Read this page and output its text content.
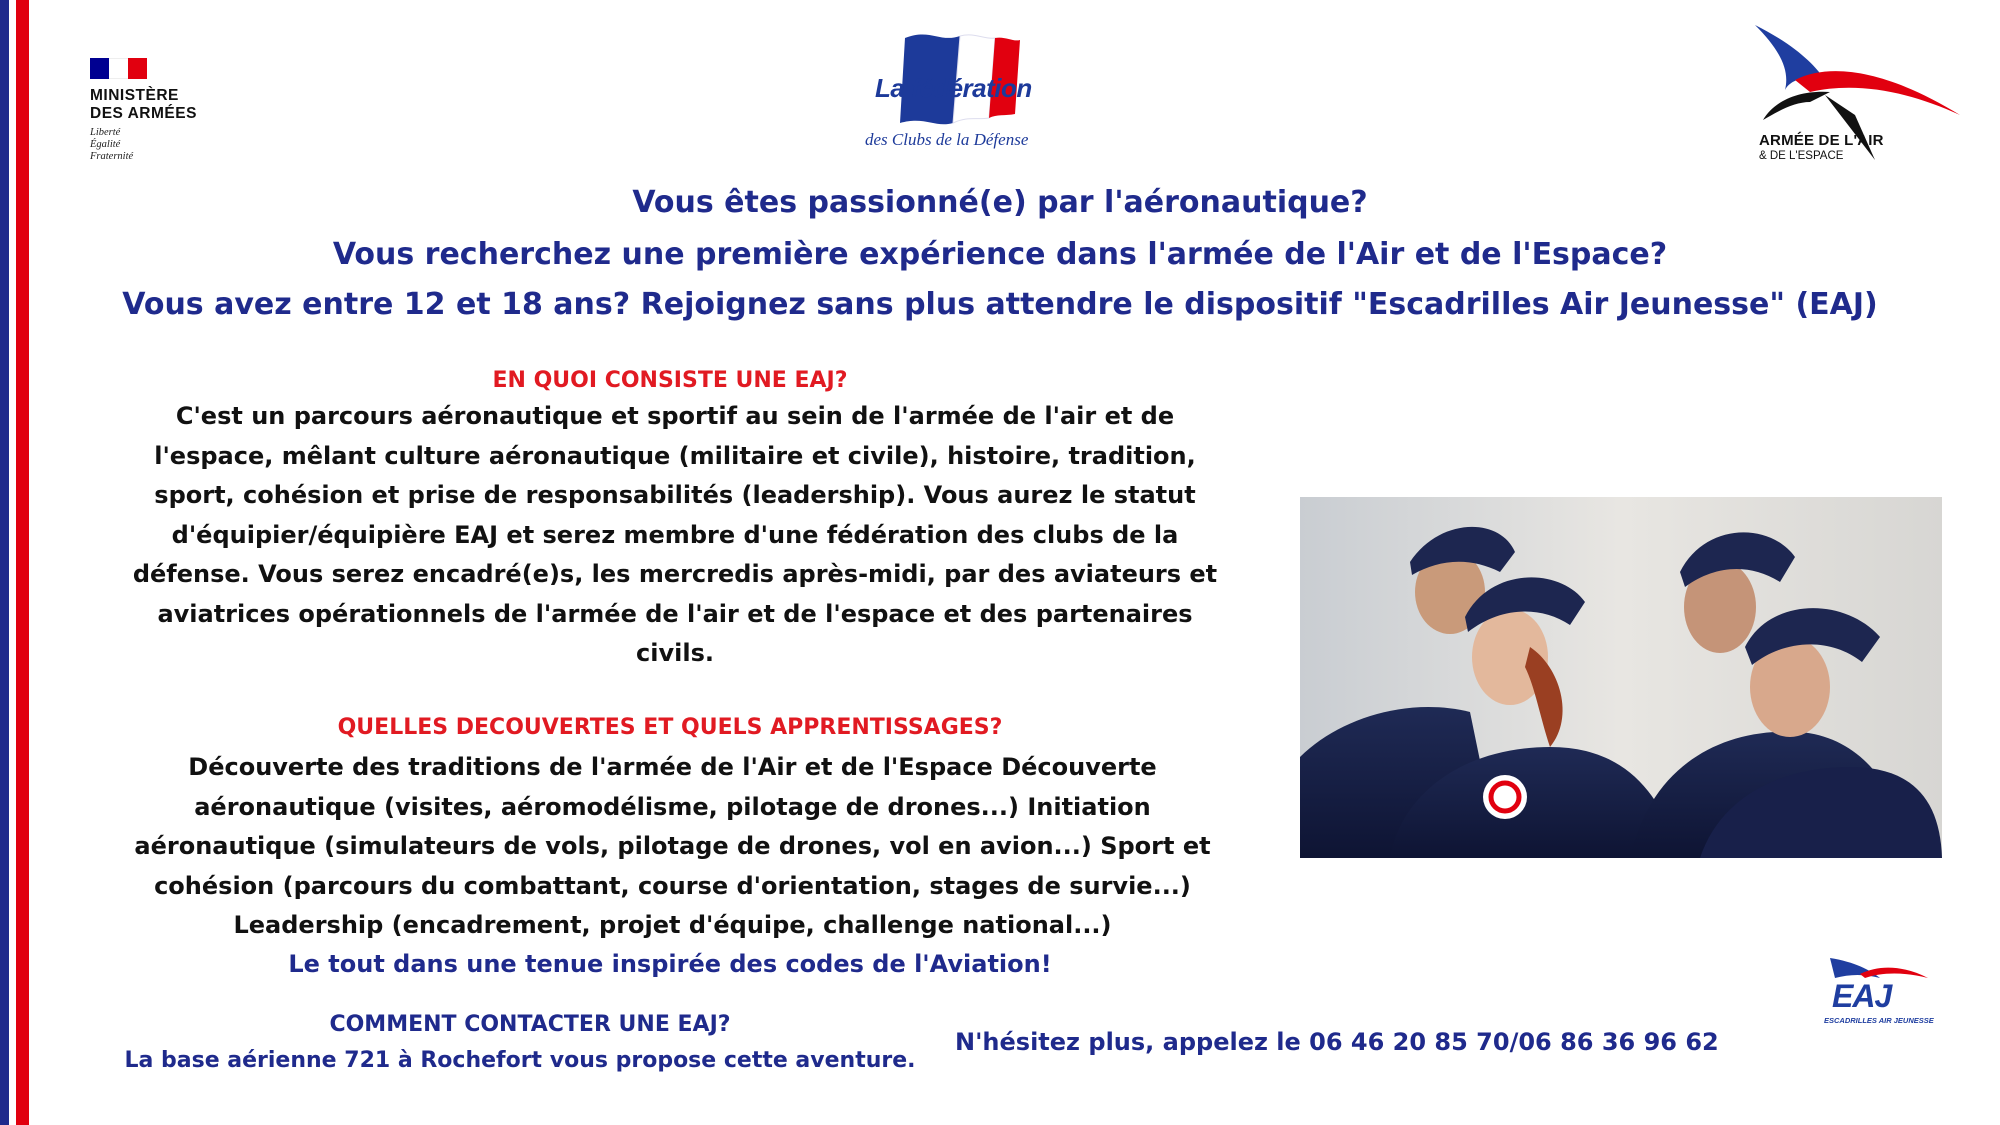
MINISTÈRE
DES ARMÉES
Liberté
Égalité
Fraternité
La fédération
des Clubs de la Défense	ARMÉE DE L'AIR
& DE L'ESPACE
Vous êtes passionné(e) par l'aéronautique?
Vous recherchez une première expérience dans l'armée de l'Air et de l'Espace?
Vous avez entre 12 et 18 ans? Rejoignez sans plus attendre le dispositif "Escadrilles Air Jeunesse" (EAJ)
EN QUOI CONSISTE UNE EAJ?
C'est un parcours aéronautique et sportif au sein de l'armée de l'air et de l'espace, mêlant culture aéronautique (militaire et civile), histoire, tradition, sport, cohésion et prise de responsabilités (leadership). Vous aurez le statut d'équipier/équipière EAJ et serez membre d'une fédération des clubs de la défense. Vous serez encadré(e)s, les mercredis après-midi, par des aviateurs et aviatrices opérationnels de l'armée de l'air et de l'espace et des partenaires civils.
QUELLES DECOUVERTES ET QUELS APPRENTISSAGES?
Découverte des traditions de l'armée de l'Air et de l'Espace Découverte aéronautique (visites, aéromodélisme, pilotage de drones...) Initiation aéronautique (simulateurs de vols, pilotage de drones, vol en avion...) Sport et cohésion (parcours du combattant, course d'orientation, stages de survie...) Leadership (encadrement, projet d'équipe, challenge national...)
Le tout dans une tenue inspirée des codes de l'Aviation!
COMMENT CONTACTER UNE EAJ?
La base aérienne 721 à Rochefort vous propose cette aventure.
N'hésitez plus, appelez le 06 46 20 85 70/06 86 36 96 62
EAJ
ESCADRILLES AIR JEUNESSE
